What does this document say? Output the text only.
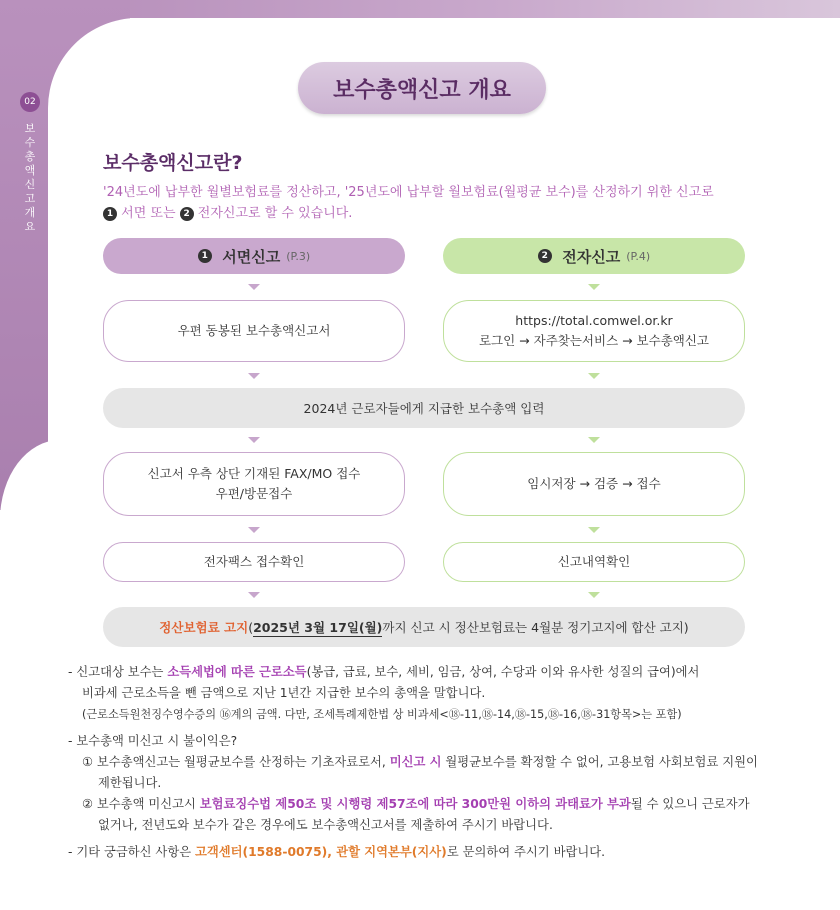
02
보수총액신고 개요
보수총액신고 개요
보수총액신고란?
'24년도에 납부한 월별보험료를 정산하고, '25년도에 납부할 월보험료(월평균 보수)를 산정하기 위한 신고로
1 서면 또는 2 전자신고로 할 수 있습니다.
1
서면신고 (P.3)	2
전자신고 (P.4)
우편 동봉된 보수총액신고서
https://total.comwel.or.kr
로그인 → 자주찾는서비스 → 보수총액신고
2024년 근로자들에게 지급한 보수총액 입력
신고서 우측 상단 기재된 FAX/MO 접수
우편/방문접수
임시저장 → 검증 → 접수
전자팩스 접수확인	신고내역확인
정산보험료 고지 ( 2025년 3월 17일(월) 까지 신고 시 정산보험료는 4월분 정기고지에 합산 고지)
- 신고대상 보수는 소득세법에 따른 근로소득(봉급, 급료, 보수, 세비, 임금, 상여, 수당과 이와 유사한 성질의 급여)에서
비과세 근로소득을 뺀 금액으로 지난 1년간 지급한 보수의 총액을 말합니다.
(근로소득원천징수영수증의 ⑯계의 금액. 다만, 조세특례제한법 상 비과세<⑱-11,⑱-14,⑱-15,⑱-16,⑱-31항목>는 포함)
- 보수총액 미신고 시 불이익은?
① 보수총액신고는 월평균보수를 산정하는 기초자료로서, 미신고 시 월평균보수를 확정할 수 없어, 고용보험 사회보험료 지원이
제한됩니다.
② 보수총액 미신고시 보험료징수법 제50조 및 시행령 제57조에 따라 300만원 이하의 과태료가 부과될 수 있으니 근로자가
없거나, 전년도와 보수가 같은 경우에도 보수총액신고서를 제출하여 주시기 바랍니다.
- 기타 궁금하신 사항은 고객센터(1588-0075), 관할 지역본부(지사)로 문의하여 주시기 바랍니다.
